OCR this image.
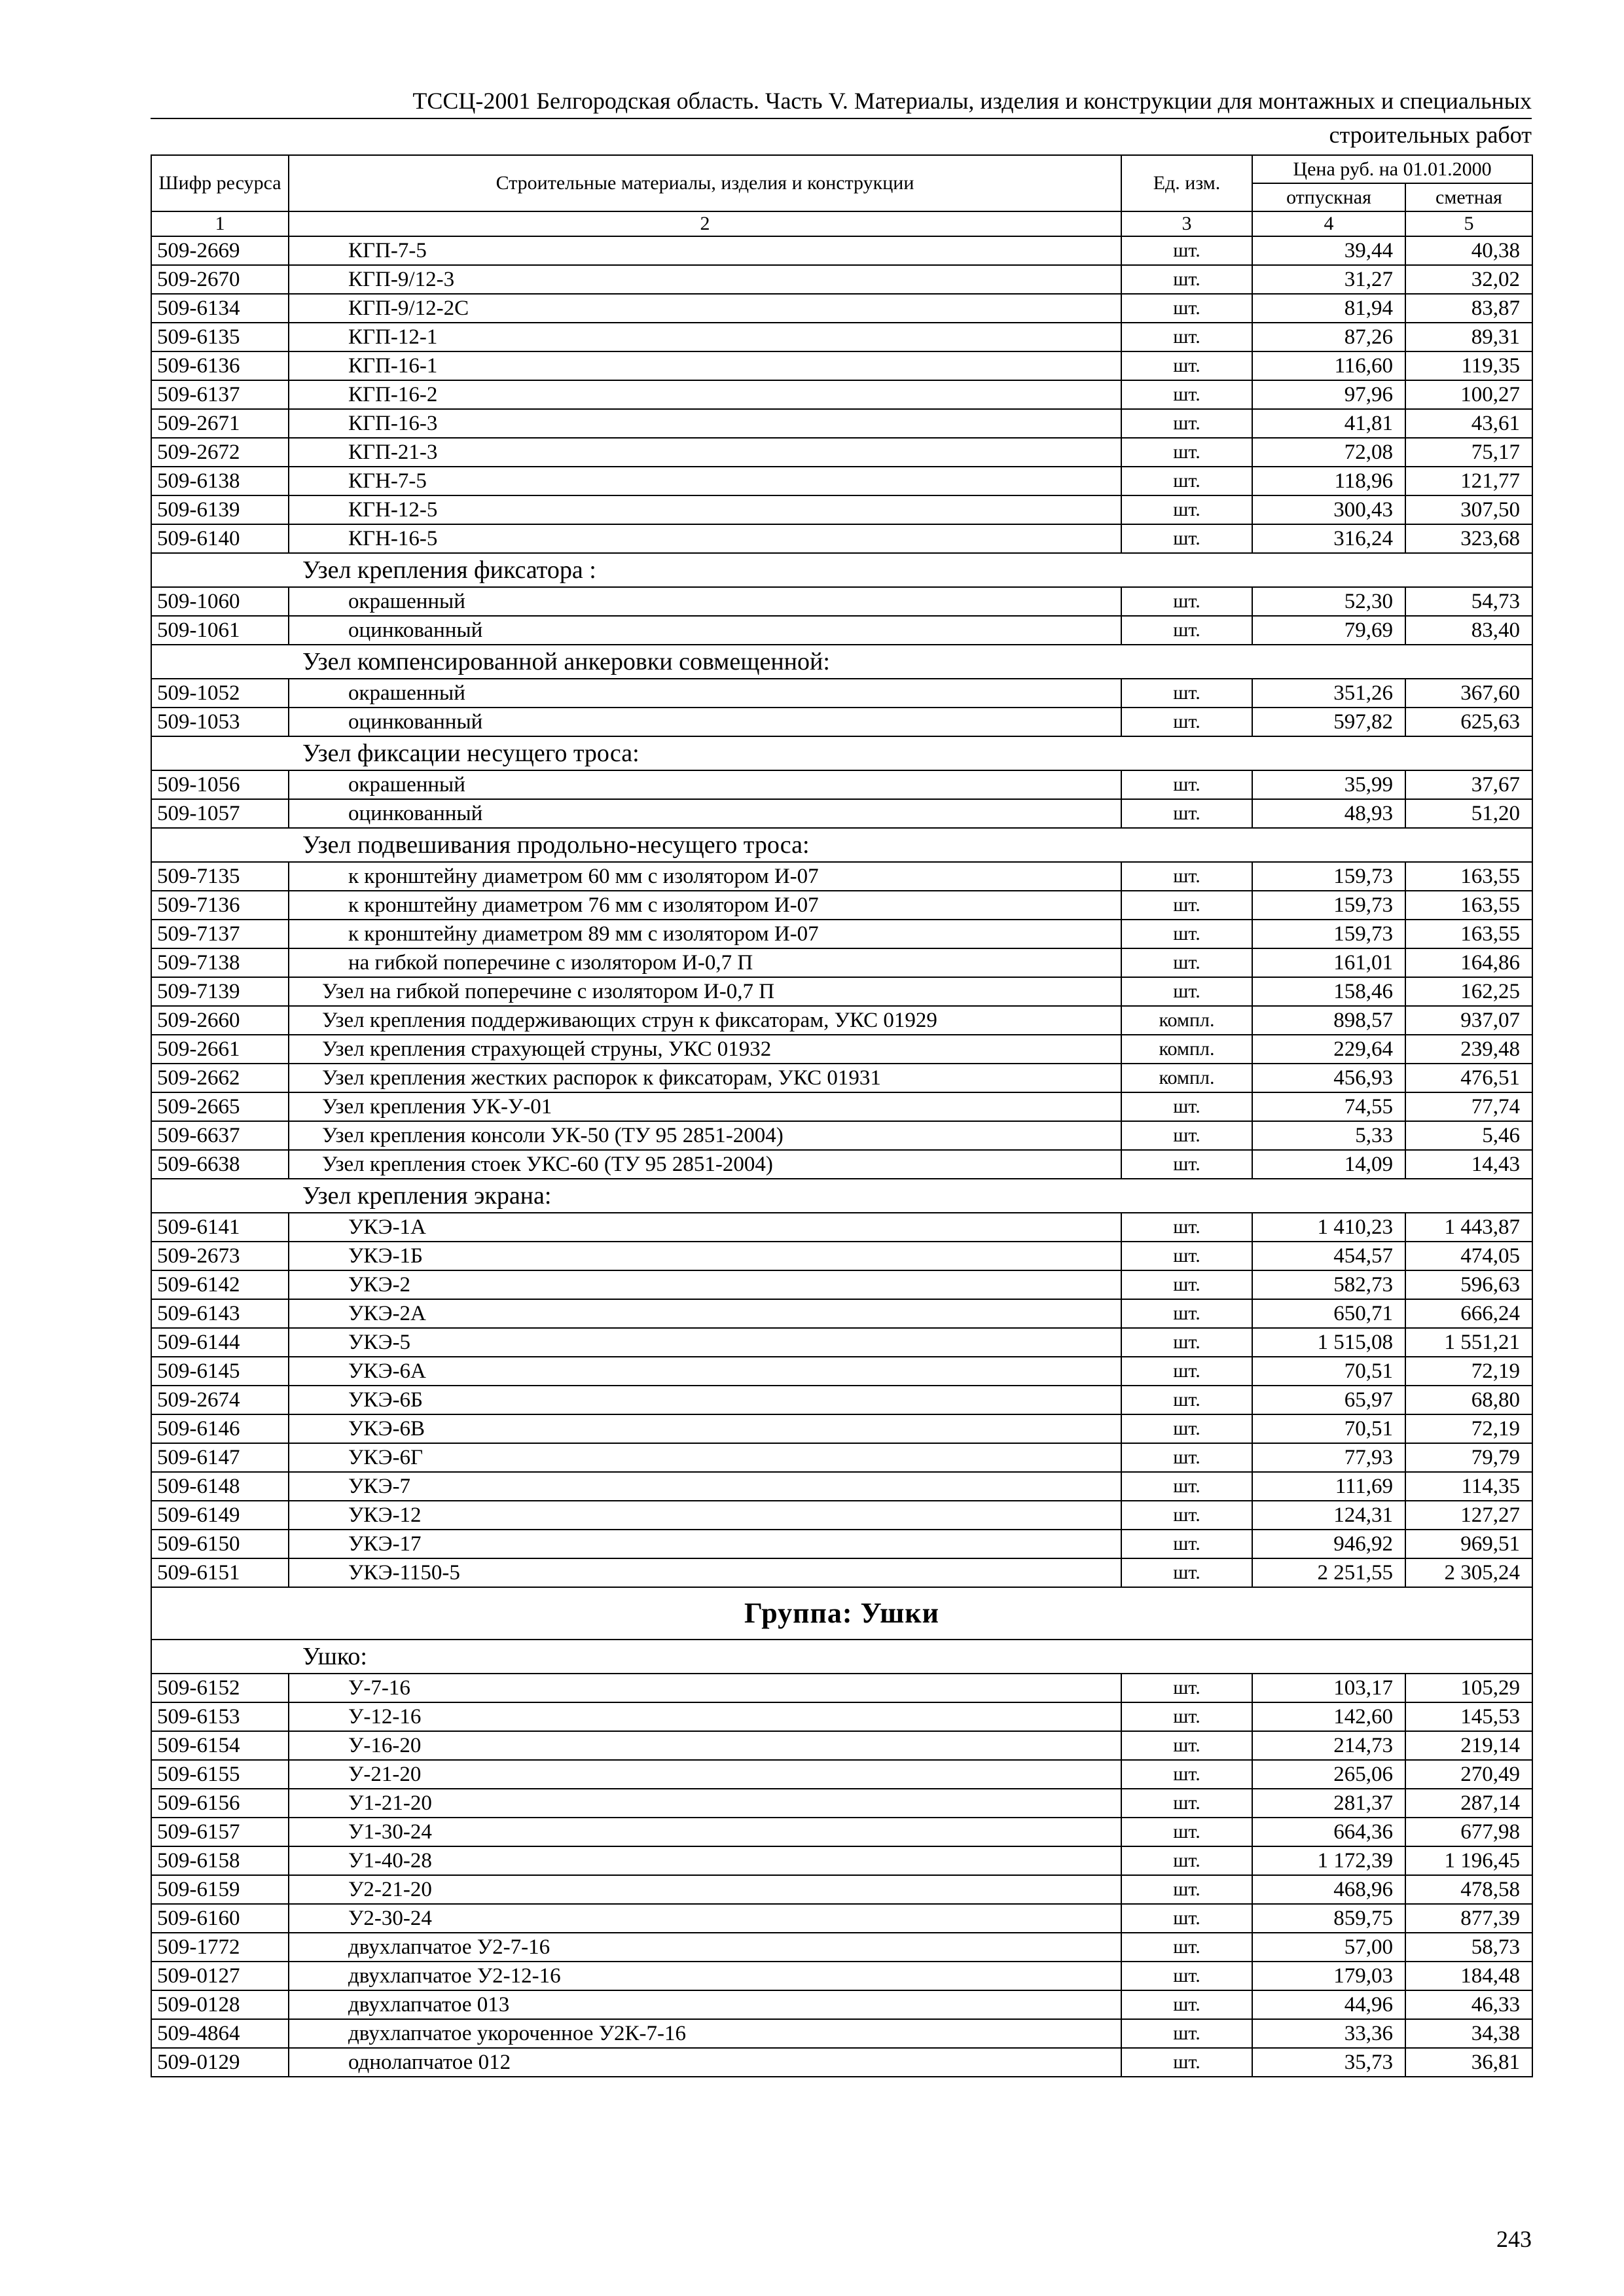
ТССЦ-2001 Белгородская область. Часть V. Материалы, изделия и конструкции для монтажных и специальных
строительных работ
Шифр ресурса	Строительные материалы, изделия и конструкции	Ед. изм.	Цена руб. на 01.01.2000	
			отпускная	сметная
1	2	3	4	5
509-2669	КГП-7-5	шт.	39,44	40,38
509-2670	КГП-9/12-3	шт.	31,27	32,02
509-6134	КГП-9/12-2С	шт.	81,94	83,87
509-6135	КГП-12-1	шт.	87,26	89,31
509-6136	КГП-16-1	шт.	116,60	119,35
509-6137	КГП-16-2	шт.	97,96	100,27
509-2671	КГП-16-3	шт.	41,81	43,61
509-2672	КГП-21-3	шт.	72,08	75,17
509-6138	КГН-7-5	шт.	118,96	121,77
509-6139	КГН-12-5	шт.	300,43	307,50
509-6140	КГН-16-5	шт.	316,24	323,68
Узел крепления фиксатора :				
509-1060	окрашенный	шт.	52,30	54,73
509-1061	оцинкованный	шт.	79,69	83,40
Узел компенсированной анкеровки совмещенной:				
509-1052	окрашенный	шт.	351,26	367,60
509-1053	оцинкованный	шт.	597,82	625,63
Узел фиксации несущего троса:				
509-1056	окрашенный	шт.	35,99	37,67
509-1057	оцинкованный	шт.	48,93	51,20
Узел подвешивания продольно-несущего троса:				
509-7135	к кронштейну диаметром 60 мм с изолятором И-07	шт.	159,73	163,55
509-7136	к кронштейну диаметром 76 мм с изолятором И-07	шт.	159,73	163,55
509-7137	к кронштейну диаметром 89 мм с изолятором И-07	шт.	159,73	163,55
509-7138	на гибкой поперечине с изолятором И-0,7 П	шт.	161,01	164,86
509-7139	Узел на гибкой поперечине с изолятором И-0,7 П	шт.	158,46	162,25
509-2660	Узел крепления поддерживающих струн к фиксаторам, УКС 01929	компл.	898,57	937,07
509-2661	Узел крепления страхующей струны, УКС 01932	компл.	229,64	239,48
509-2662	Узел крепления жестких распорок к фиксаторам, УКС 01931	компл.	456,93	476,51
509-2665	Узел крепления УК-У-01	шт.	74,55	77,74
509-6637	Узел крепления консоли УК-50 (ТУ 95 2851-2004)	шт.	5,33	5,46
509-6638	Узел крепления стоек УКС-60 (ТУ 95 2851-2004)	шт.	14,09	14,43
Узел крепления экрана:				
509-6141	УКЭ-1А	шт.	1 410,23	1 443,87
509-2673	УКЭ-1Б	шт.	454,57	474,05
509-6142	УКЭ-2	шт.	582,73	596,63
509-6143	УКЭ-2А	шт.	650,71	666,24
509-6144	УКЭ-5	шт.	1 515,08	1 551,21
509-6145	УКЭ-6А	шт.	70,51	72,19
509-2674	УКЭ-6Б	шт.	65,97	68,80
509-6146	УКЭ-6В	шт.	70,51	72,19
509-6147	УКЭ-6Г	шт.	77,93	79,79
509-6148	УКЭ-7	шт.	111,69	114,35
509-6149	УКЭ-12	шт.	124,31	127,27
509-6150	УКЭ-17	шт.	946,92	969,51
509-6151	УКЭ-1150-5	шт.	2 251,55	2 305,24
Группа: Ушки				
Ушко:				
509-6152	У-7-16	шт.	103,17	105,29
509-6153	У-12-16	шт.	142,60	145,53
509-6154	У-16-20	шт.	214,73	219,14
509-6155	У-21-20	шт.	265,06	270,49
509-6156	У1-21-20	шт.	281,37	287,14
509-6157	У1-30-24	шт.	664,36	677,98
509-6158	У1-40-28	шт.	1 172,39	1 196,45
509-6159	У2-21-20	шт.	468,96	478,58
509-6160	У2-30-24	шт.	859,75	877,39
509-1772	двухлапчатое У2-7-16	шт.	57,00	58,73
509-0127	двухлапчатое У2-12-16	шт.	179,03	184,48
509-0128	двухлапчатое 013	шт.	44,96	46,33
509-4864	двухлапчатое укороченное У2К-7-16	шт.	33,36	34,38
509-0129	однолапчатое 012	шт.	35,73	36,81
243
